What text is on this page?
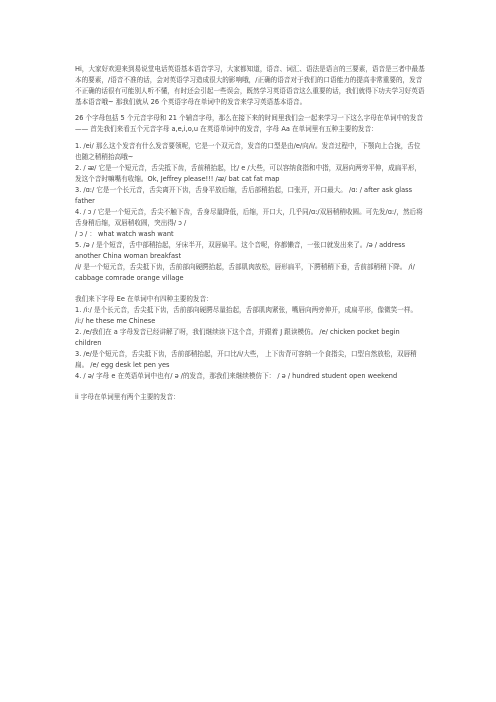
Hi，大家好欢迎来到易说堂电话英语基本语音学习，大家都知道，语音、词汇、语法是语言的三要素，语音是三者中最基本的要素，/语音不准的话，会对英语学习造成很大的影响哦，/正确的语音对于我们的口语能力的提高非常重要的，发音不正确的话很有可能别人听不懂，有时还会引起一些误会，既然学习英语语音这么重要的话，我们就得下功夫学习好英语基本语音哦~ 那我们就从 26 个英语字母在单词中的发音来学习英语基本语音。

26 个字母包括 5 个元音字母和 21 个辅音字母，那么在接下来的时间里我们会一起来学习一下这么字母在单词中的发音—— 首先我们来看五个元音字母 a,e,i,o,u 在英语单词中的发音，字母 Aa 在单词里有五种主要的发音：

1. /ei/ 那么这个发音有什么发音要领呢，它是一个双元音，发音的口型是由/e/向/i/。发音过程中，下颚向上合拢，舌位也随之稍稍抬高哦~

2. / ᴂ/ 它是一个短元音，舌尖抵下齿，舌前稍抬起，比/ e /大些，可以容纳食指和中指，双唇向两旁平伸，成扁平形，发这个音时嘛嘴有收缩。Ok, Jeffrey please!!! /ᴂ/ bat cat fat map

3. /ɑ:/ 它是一个长元音，舌尖离开下齿，舌身平放后缩，舌后部稍抬起，口张开，开口最大。 /ɑ: / after ask glass father

4. / ɔ / 它是一个短元音，舌尖不触下齿，舌身尽量降低，后缩，开口大，几乎同/ɑ:/双唇稍稍收圆。可先发/ɑ:/，然后将舌身稍后缩，双唇稍收圆，突出得/ ɔ /

/ ɔ / ： what watch wash want

5. /ə / 是个短音，舌中部稍抬起，牙床半开，双唇扁平。这个音呢，你都懒音，一张口就发出来了。/ə / address another China woman breakfast

/i/ 是一个短元音，舌尖抵下齿，舌前部向硬腭抬起，舌部肌肉放松，唇形扁平，下腭稍稍下垂，舌前部稍稍下降。 /i/ cabbage comrade orange village

我们来下字母 Ee 在单词中有四种主要的发音：

1. /i:/ 是个长元音，舌尖抵下齿，舌前部向硬腭尽量抬起，舌部肌肉紧张，嘴唇向两旁伸开，成扁平形，像微笑一样。 /i:/ he these me Chinese

2. /e/我们在 a 字母发音已经讲解了呀，我们继续读下这个音，并跟着 J 跟读模仿。 /e/ chicken pocket begin children

3. /e/是个短元音，舌尖抵下齿，舌前部稍抬起，开口比/i/大些， 上下齿背可容纳一个食指尖，口型自然放松，双唇稍扁。 /e/ egg desk let pen yes

4. / ə/ 字母 e 在英语单词中也有/ ə /的发音，那我们来继续模仿下： / ə / hundred student open weekend

ii 字母在单词里有两个主要的发音：
